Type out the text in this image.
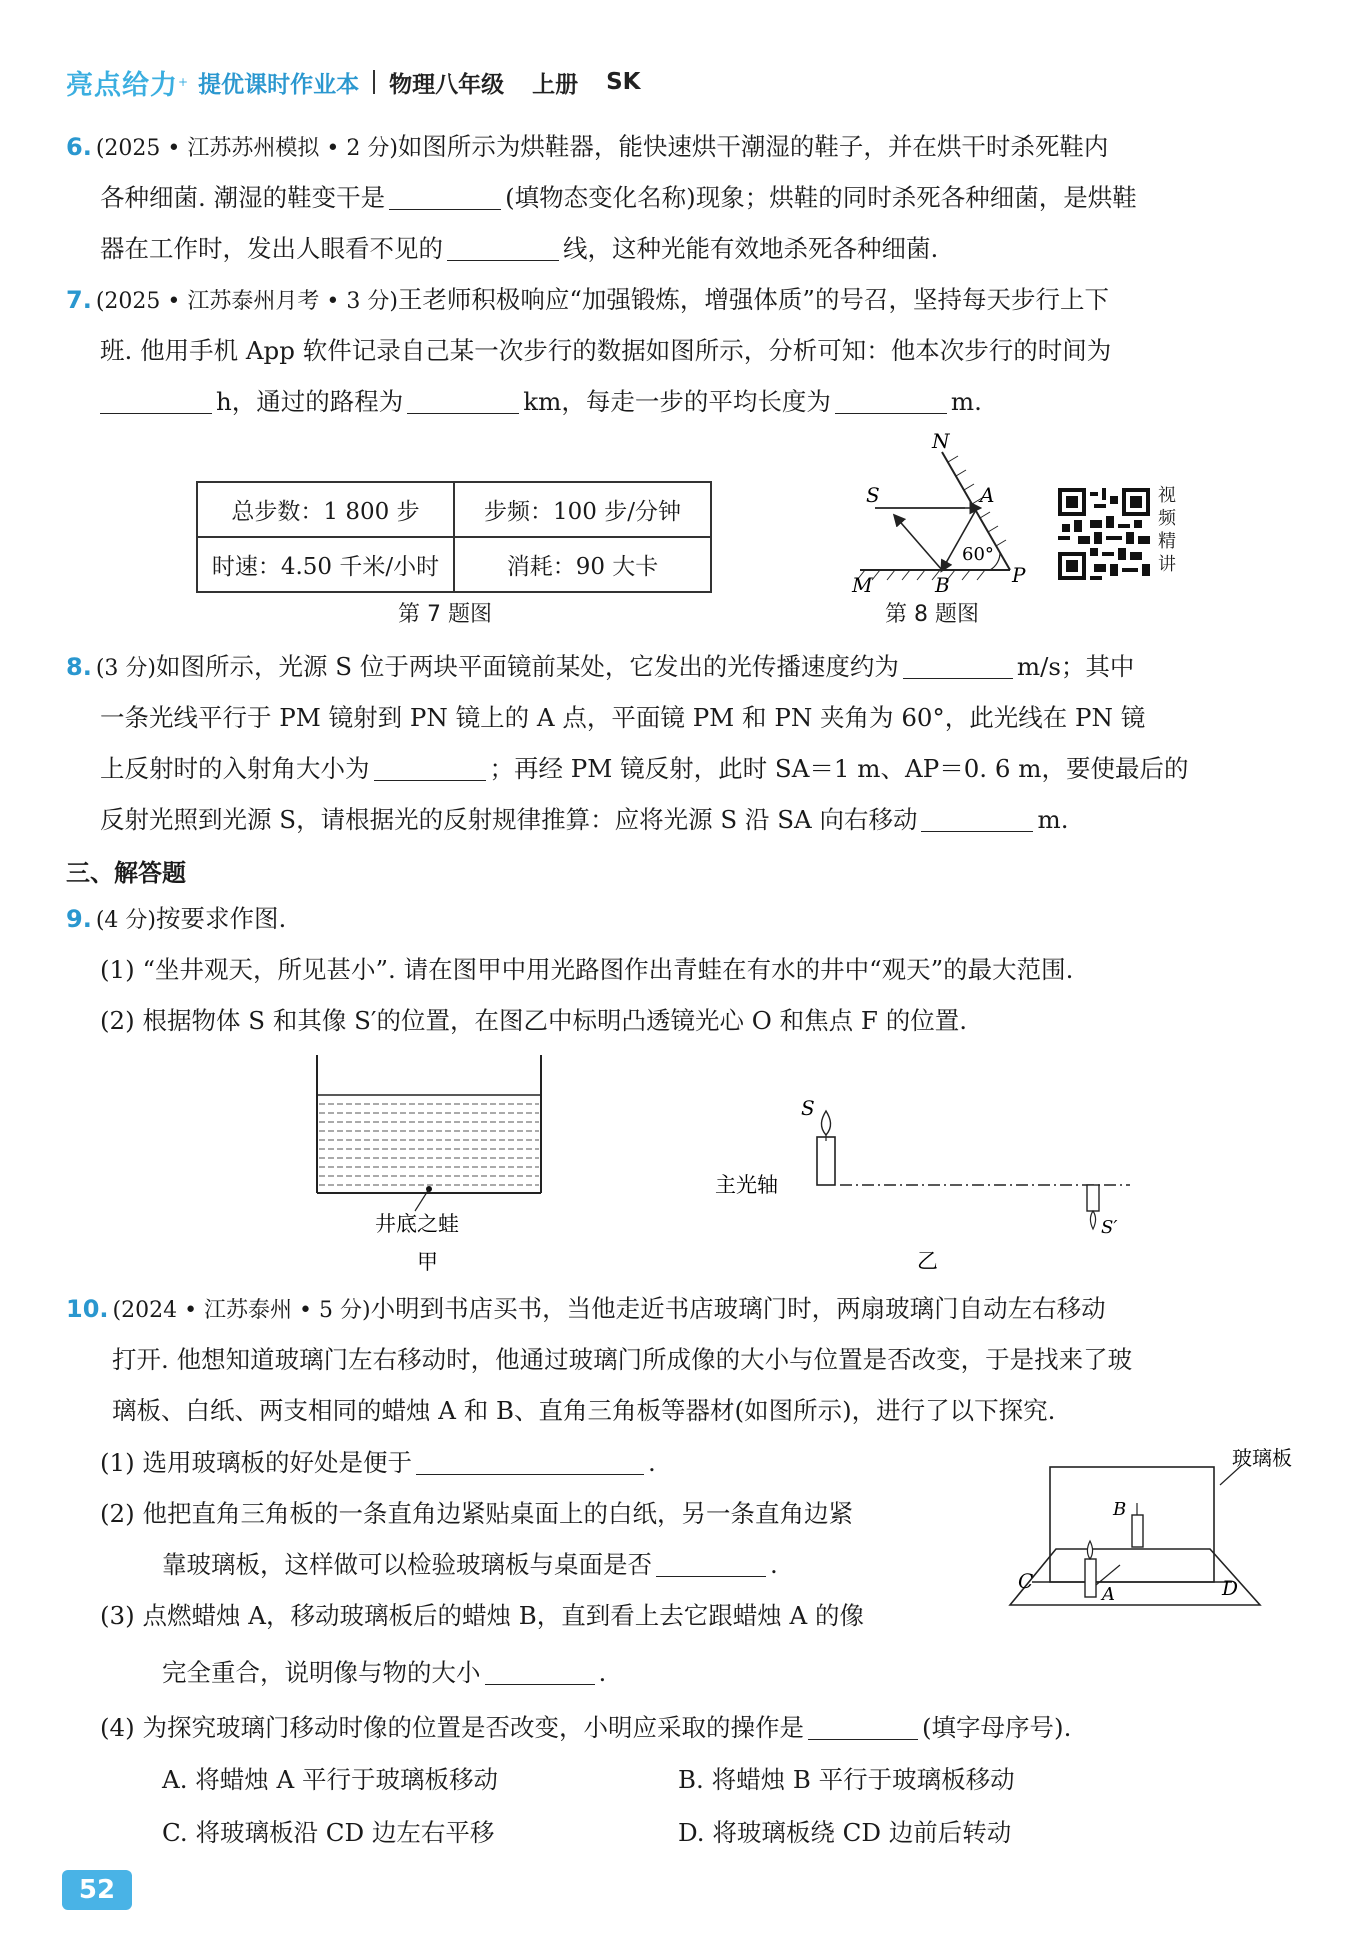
亮点给力 + 提优课时作业本 物理八年级 上册 SK
6. (2025 • 江苏苏州模拟 • 2 分)如图所示为烘鞋器，能快速烘干潮湿的鞋子，并在烘干时杀死鞋内
各种细菌. 潮湿的鞋变干是	(填物态变化名称)现象；烘鞋的同时杀死各种细菌，是烘鞋
器在工作时，发出人眼看不见的	线，这种光能有效地杀死各种细菌.
7. (2025 • 江苏泰州月考 • 3 分)王老师积极响应“加强锻炼，增强体质”的号召，坚持每天步行上下
班. 他用手机 App 软件记录自己某一次步行的数据如图所示，分析可知：他本次步行的时间为
h，通过的路程为	km，每走一步的平均长度为	m.
总步数：1 800 步	步频：100 步/分钟
时速：4.50 千米/小时	消耗：90 大卡
第 7 题图
N
S	A
M	B	P
60°
第 8 题图
视
频
精
讲
8. (3 分)如图所示，光源 S 位于两块平面镜前某处，它发出的光传播速度约为	m/s；其中
一条光线平行于 PM 镜射到 PN 镜上的 A 点，平面镜 PM 和 PN 夹角为 60°，此光线在 PN 镜
上反射时的入射角大小为	；再经 PM 镜反射，此时 SA＝1 m、AP＝0. 6 m，要使最后的
反射光照到光源 S，请根据光的反射规律推算：应将光源 S 沿 SA 向右移动	m.
三、解答题
9. (4 分)按要求作图.
(1) “坐井观天，所见甚小”. 请在图甲中用光路图作出青蛙在有水的井中“观天”的最大范围.
(2) 根据物体 S 和其像 S′的位置，在图乙中标明凸透镜光心 O 和焦点 F 的位置.
井底之蛙
甲
S
主光轴
S′
乙
10. (2024 • 江苏泰州 • 5 分)小明到书店买书，当他走近书店玻璃门时，两扇玻璃门自动左右移动
打开. 他想知道玻璃门左右移动时，他通过玻璃门所成像的大小与位置是否改变，于是找来了玻
璃板、白纸、两支相同的蜡烛 A 和 B、直角三角板等器材(如图所示)，进行了以下探究.
(1) 选用玻璃板的好处是便于	.
(2) 他把直角三角板的一条直角边紧贴桌面上的白纸，另一条直角边紧
靠玻璃板，这样做可以检验玻璃板与桌面是否	.
(3) 点燃蜡烛 A，移动玻璃板后的蜡烛 B，直到看上去它跟蜡烛 A 的像
完全重合，说明像与物的大小	.
(4) 为探究玻璃门移动时像的位置是否改变，小明应采取的操作是	(填字母序号).
A. 将蜡烛 A 平行于玻璃板移动	B. 将蜡烛 B 平行于玻璃板移动
C. 将玻璃板沿 CD 边左右平移	D. 将玻璃板绕 CD 边前后转动
玻璃板
B
A
C	D
52
